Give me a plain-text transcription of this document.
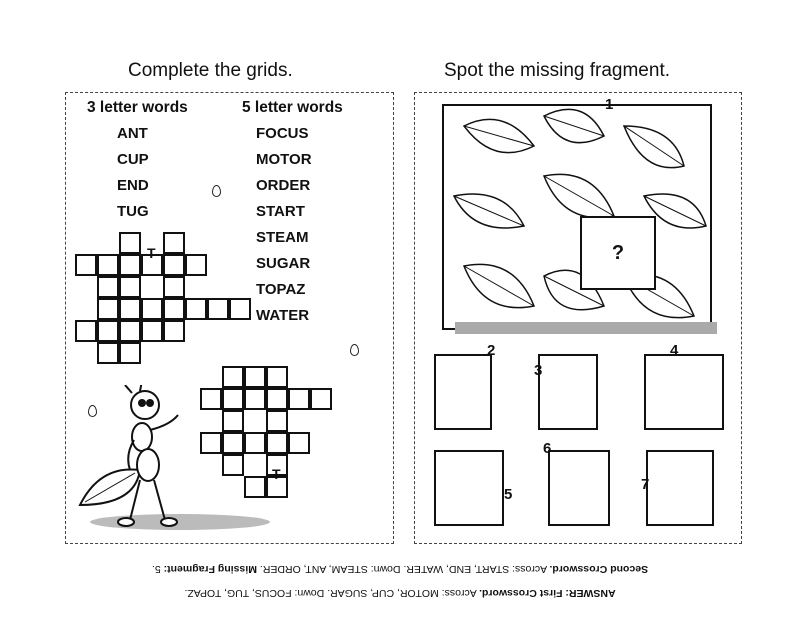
Complete the grids.	Spot the missing fragment.
3 letter words
ANT
CUP
END
TUG
5 letter words
FOCUS
MOTOR
ORDER
START
STEAM
SUGAR
TOPAZ
WATER
T
T
?
1
2
3
4
5
6
7
Second Crossword. Across: START, END, WATER. Down: STEAM, ANT, ORDER. Missing Fragment: 5.
ANSWER: First Crossword. Across: MOTOR, CUP, SUGAR. Down: FOCUS, TUG, TOPAZ.
